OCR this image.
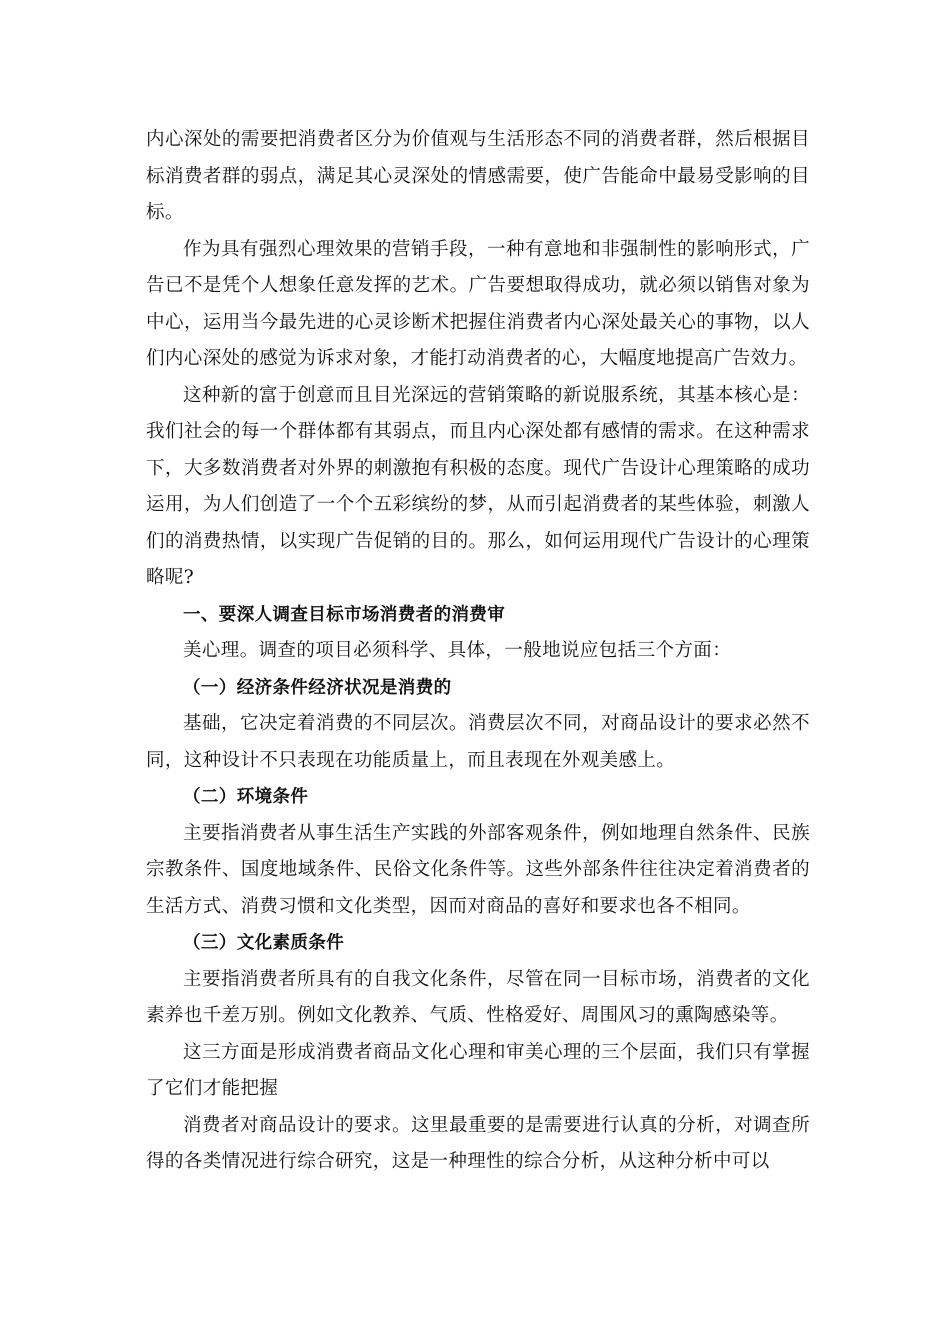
内心深处的需要把消费者区分为价值观与生活形态不同的消费者群，然后根据目标消费者群的弱点，满足其心灵深处的情感需要，使广告能命中最易受影响的目标。

作为具有强烈心理效果的营销手段，一种有意地和非强制性的影响形式，广告已不是凭个人想象任意发挥的艺术。广告要想取得成功，就必须以销售对象为中心，运用当今最先进的心灵诊断术把握住消费者内心深处最关心的事物，以人们内心深处的感觉为诉求对象，才能打动消费者的心，大幅度地提高广告效力。

这种新的富于创意而且目光深远的营销策略的新说服系统，其基本核心是：我们社会的每一个群体都有其弱点，而且内心深处都有感情的需求。在这种需求下，大多数消费者对外界的刺激抱有积极的态度。现代广告设计心理策略的成功运用，为人们创造了一个个五彩缤纷的梦，从而引起消费者的某些体验，刺激人们的消费热情，以实现广告促销的目的。那么，如何运用现代广告设计的心理策略呢?

一、要深人调查目标市场消费者的消费审

美心理。调查的项目必须科学、具体，一般地说应包括三个方面：

（一）经济条件经济状况是消费的

基础，它决定着消费的不同层次。消费层次不同，对商品设计的要求必然不同，这种设计不只表现在功能质量上，而且表现在外观美感上。

（二）环境条件

主要指消费者从事生活生产实践的外部客观条件，例如地理自然条件、民族宗教条件、国度地域条件、民俗文化条件等。这些外部条件往往决定着消费者的生活方式、消费习惯和文化类型，因而对商品的喜好和要求也各不相同。

（三）文化素质条件

主要指消费者所具有的自我文化条件，尽管在同一目标市场，消费者的文化素养也千差万别。例如文化教养、气质、性格爱好、周围风习的熏陶感染等。

这三方面是形成消费者商品文化心理和审美心理的三个层面，我们只有掌握了它们才能把握

消费者对商品设计的要求。这里最重要的是需要进行认真的分析，对调查所得的各类情况进行综合研究，这是一种理性的综合分析，从这种分析中可以
